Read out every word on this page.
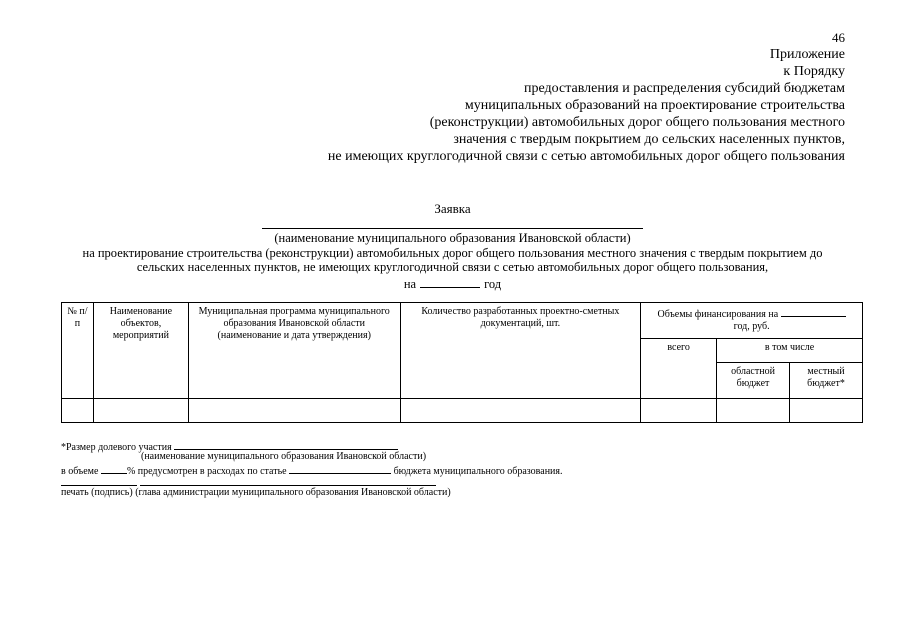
46
Приложение
к Порядку
предоставления и распределения субсидий бюджетам
муниципальных образований на проектирование строительства
(реконструкции) автомобильных дорог общего пользования местного
значения с твердым покрытием до сельских населенных пунктов,
не имеющих круглогодичной связи с сетью автомобильных дорог общего пользования
Заявка
(наименование муниципального образования Ивановской области)
на проектирование строительства (реконструкции) автомобильных дорог общего пользования местного значения с твердым покрытием до
сельских населенных пунктов, не имеющих круглогодичной связи с сетью автомобильных дорог общего пользования,
на	год
№ п/п	Наименование объектов, мероприятий	Муниципальная программа муниципального образования Ивановской области (наименование и дата утверждения)	Количество разработанных проектно-сметных документаций, шт.	Объемы финансирования на
год, руб.		
				всего	в том числе	
					областной бюджет	местный бюджет*

*Размер долевого участия
(наименование муниципального образования Ивановской области)
в объеме	% предусмотрен в расходах по статье	бюджета муниципального образования.

печать (подпись) (глава администрации муниципального образования Ивановской области)
